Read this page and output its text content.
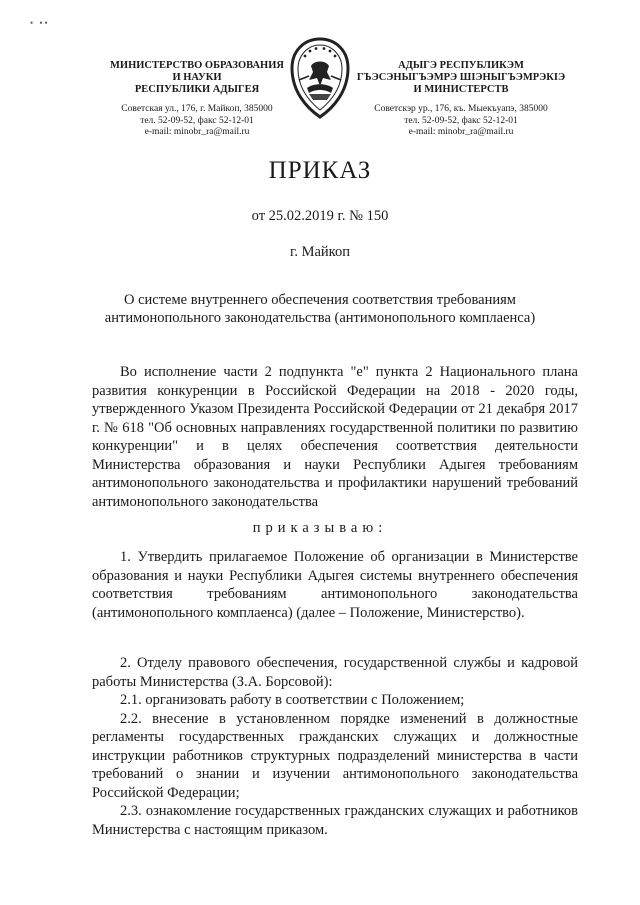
• ••
МИНИСТЕРСТВО ОБРАЗОВАНИЯ
И НАУКИ
РЕСПУБЛИКИ АДЫГЕЯ
Советская ул., 176, г. Майкоп, 385000
тел. 52-09-52, факс 52-12-01
e-mail: minobr_ra@mail.ru
АДЫГЭ РЕСПУБЛИКЭМ
ГЪЭСЭНЫГЪЭМРЭ ШIЭНЫГЪЭМРЭКIЭ
И МИНИСТЕРСТВ
Советскэр ур., 176, къ. Мыекъуапэ, 385000
тел. 52-09-52, факс 52-12-01
e-mail: minobr_ra@mail.ru
ПРИКАЗ
от 25.02.2019 г. № 150
г. Майкоп
О системе внутреннего обеспечения соответствия требованиям антимонопольного законодательства (антимонопольного комплаенса)
Во исполнение части 2 подпункта "е" пункта 2 Национального плана развития конкуренции в Российской Федерации на 2018 - 2020 годы, утвержденного Указом Президента Российской Федерации от 21 декабря 2017 г. № 618 "Об основных направлениях государственной политики по развитию конкуренции" и в целях обеспечения соответствия деятельности Министерства образования и науки Республики Адыгея требованиям антимонопольного законодательства и профилактики нарушений требований антимонопольного законодательства
приказываю:
1. Утвердить прилагаемое Положение об организации в Министерстве образования и науки Республики Адыгея системы внутреннего обеспечения соответствия требованиям антимонопольного законодательства (антимонопольного комплаенса) (далее – Положение, Министерство).
2. Отделу правового обеспечения, государственной службы и кадровой работы Министерства (З.А. Борсовой):
2.1. организовать работу в соответствии с Положением;
2.2. внесение в установленном порядке изменений в должностные регламенты государственных гражданских служащих и должностные инструкции работников структурных подразделений министерства в части требований о знании и изучении антимонопольного законодательства Российской Федерации;
2.3. ознакомление государственных гражданских служащих и работников Министерства с настоящим приказом.
